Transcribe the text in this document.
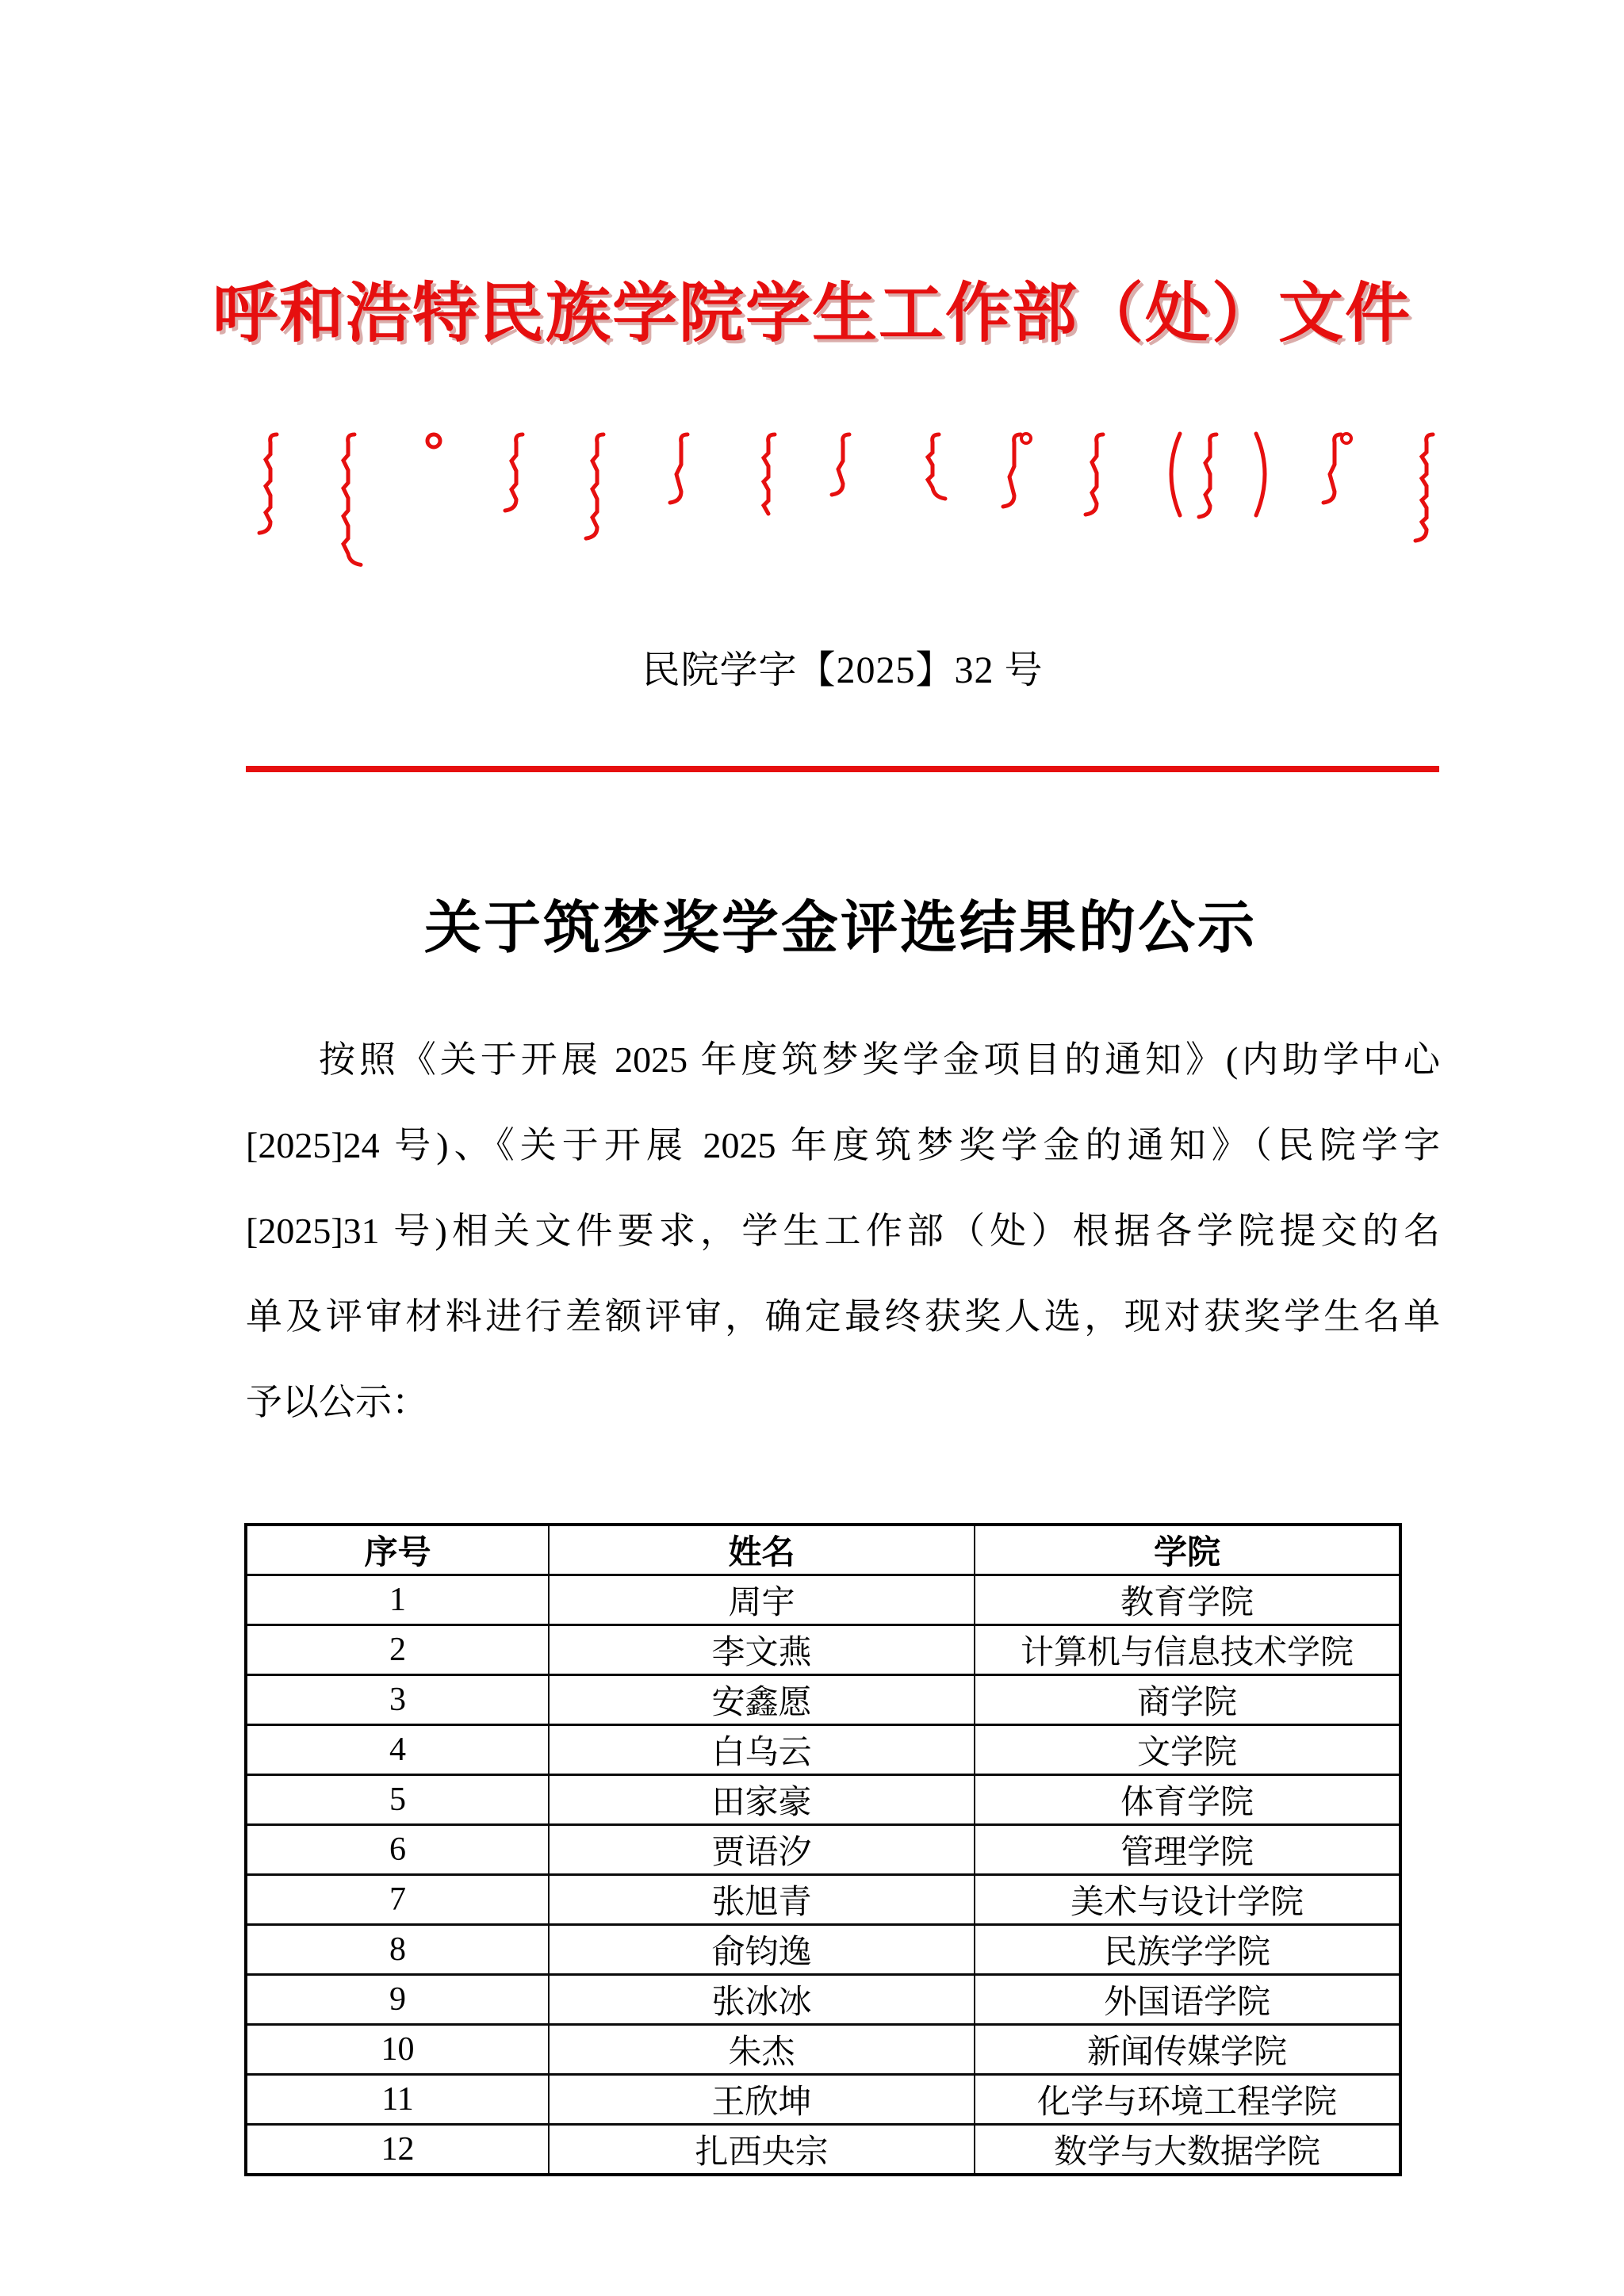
呼和浩特民族学院学生工作部（处）文件
民院学字【2025】32 号
关于筑梦奖学金评选结果的公示
按照《关于开展 2025 年度筑梦奖学金项目的通知》(内助学中心
[2025]24 号)、《关于开展 2025 年度筑梦奖学金的通知》（民院学字
[2025]31 号)相关文件要求，学生工作部（处）根据各学院提交的名
单及评审材料进行差额评审，确定最终获奖人选，现对获奖学生名单
予以公示：
序号	姓名	学院
1	周宇	教育学院
2	李文燕	计算机与信息技术学院
3	安鑫愿	商学院
4	白乌云	文学院
5	田家豪	体育学院
6	贾语汐	管理学院
7	张旭青	美术与设计学院
8	俞钧逸	民族学学院
9	张冰冰	外国语学院
10	朱杰	新闻传媒学院
11	王欣坤	化学与环境工程学院
12	扎西央宗	数学与大数据学院
